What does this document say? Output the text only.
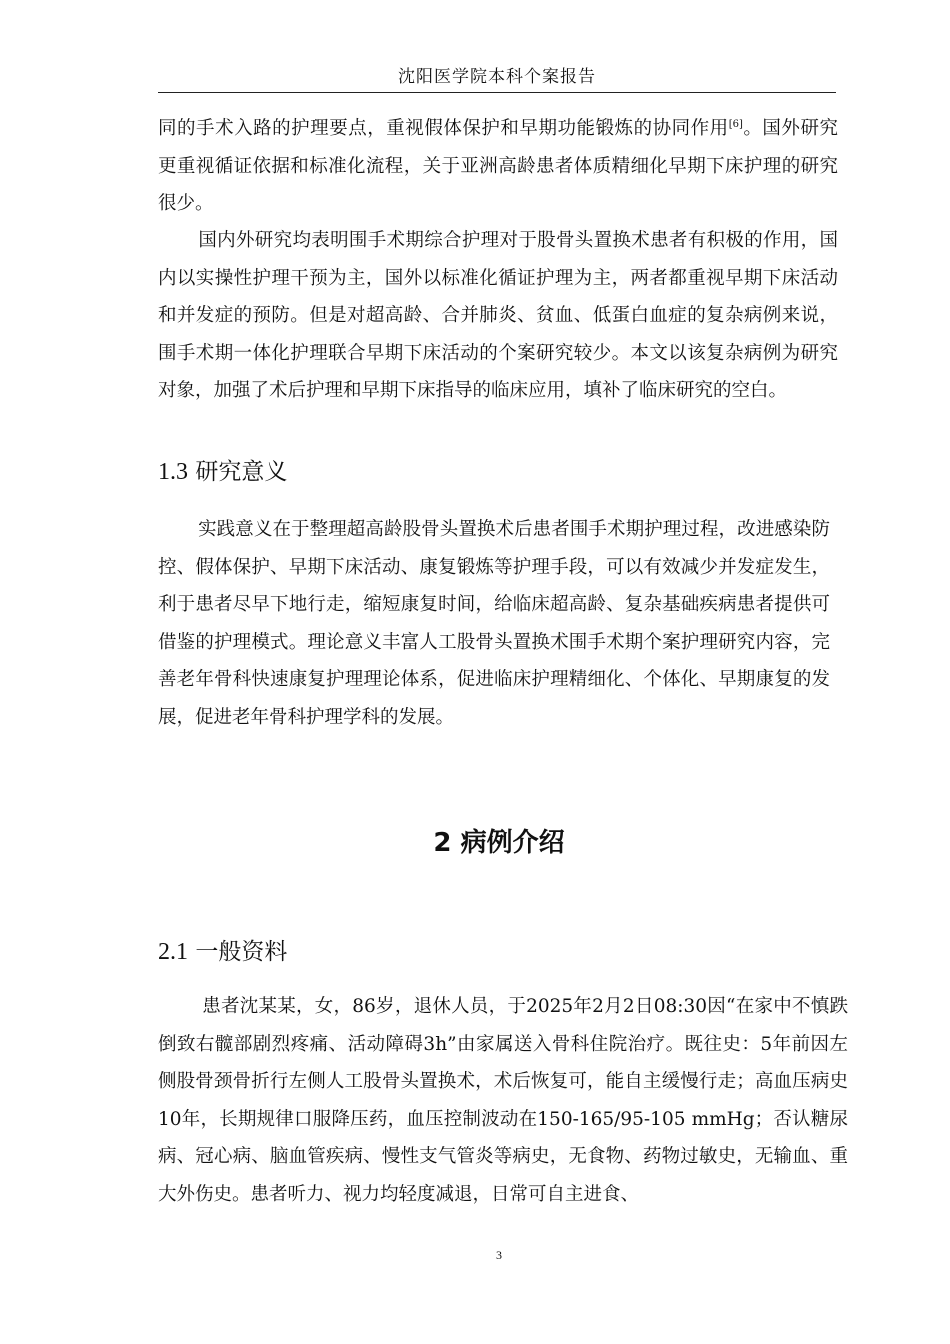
沈阳医学院本科个案报告

同的手术入路的护理要点，重视假体保护和早期功能锻炼的协同作用[6]。国外研究更重视循证依据和标准化流程，关于亚洲高龄患者体质精细化早期下床护理的研究很少。

国内外研究均表明围手术期综合护理对于股骨头置换术患者有积极的作用，国内以实操性护理干预为主，国外以标准化循证护理为主，两者都重视早期下床活动和并发症的预防。但是对超高龄、合并肺炎、贫血、低蛋白血症的复杂病例来说，围手术期一体化护理联合早期下床活动的个案研究较少。本文以该复杂病例为研究对象，加强了术后护理和早期下床指导的临床应用，填补了临床研究的空白。

1.3 研究意义

实践意义在于整理超高龄股骨头置换术后患者围手术期护理过程，改进感染防控、假体保护、早期下床活动、康复锻炼等护理手段，可以有效减少并发症发生，利于患者尽早下地行走，缩短康复时间，给临床超高龄、复杂基础疾病患者提供可借鉴的护理模式。理论意义丰富人工股骨头置换术围手术期个案护理研究内容，完善老年骨科快速康复护理理论体系，促进临床护理精细化、个体化、早期康复的发展，促进老年骨科护理学科的发展。

2 病例介绍
2.1 一般资料

患者沈某某，女，86岁，退休人员，于2025年2月2日08:30因“在家中不慎跌倒致右髋部剧烈疼痛、活动障碍3h”由家属送入骨科住院治疗。既往史：5年前因左侧股骨颈骨折行左侧人工股骨头置换术，术后恢复可，能自主缓慢行走；高血压病史10年，长期规律口服降压药，血压控制波动在150-165/95-105 mmHg；否认糖尿病、冠心病、脑血管疾病、慢性支气管炎等病史，无食物、药物过敏史，无输血、重大外伤史。患者听力、视力均轻度减退，日常可自主进食、

3
